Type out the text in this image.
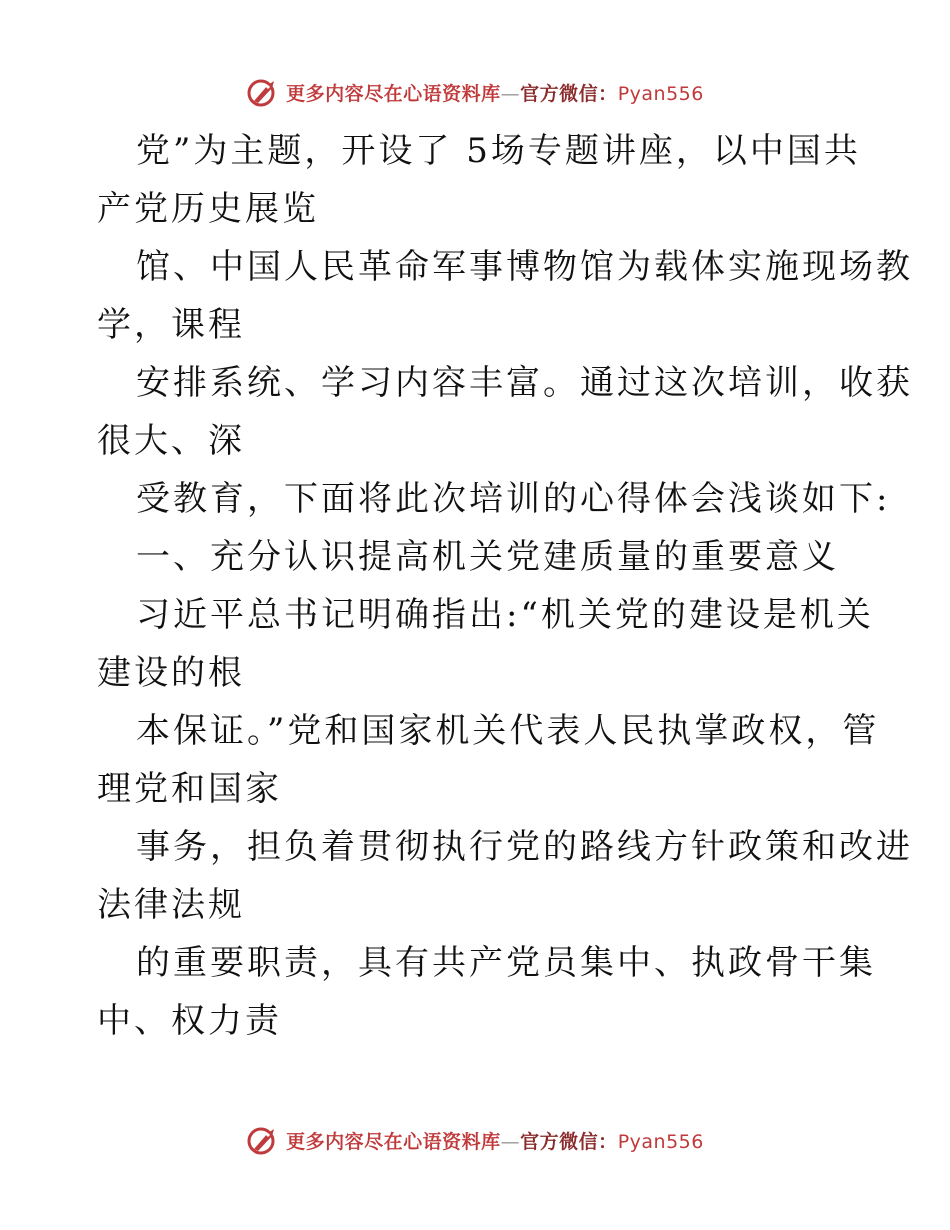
更多内容尽在心语资料库—官方微信：Pyan556
党”为主题，开设了 5场专题讲座，以中国共
产党历史展览
馆、中国人民革命军事博物馆为载体实施现场教
学，课程
安排系统、学习内容丰富。通过这次培训，收获
很大、深
受教育，下面将此次培训的心得体会浅谈如下:
一、充分认识提高机关党建质量的重要意义
习近平总书记明确指出:“机关党的建设是机关
建设的根
本保证。”党和国家机关代表人民执掌政权，管
理党和国家
事务，担负着贯彻执行党的路线方针政策和改进
法律法规
的重要职责，具有共产党员集中、执政骨干集
中、权力责
更多内容尽在心语资料库—官方微信：Pyan556
